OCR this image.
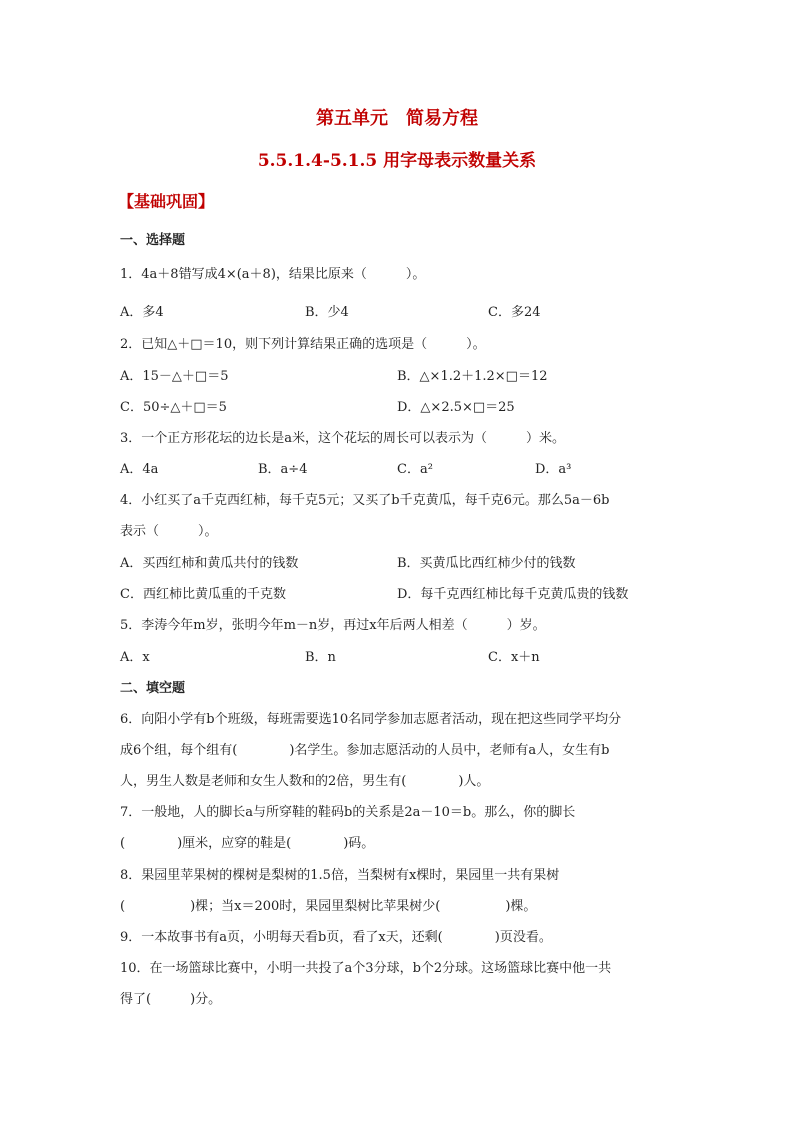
第五单元　简易方程
5.5.1.4-5.1.5 用字母表示数量关系
【基础巩固】
一、选择题
1．4a＋8错写成4×(a＋8)，结果比原来（　　　）。
A．多4	B．少4	C．多24
2．已知△＋□＝10，则下列计算结果正确的选项是（　　　）。
A．15－△＋□＝5	B．△×1.2＋1.2×□＝12
C．50÷△＋□＝5	D．△×2.5×□＝25
3．一个正方形花坛的边长是a米，这个花坛的周长可以表示为（　　　）米。
A．4a	B．a÷4	C．a²	D．a³
4．小红买了a千克西红柿，每千克5元；又买了b千克黄瓜，每千克6元。那么5a－6b
表示（　　　）。
A．买西红柿和黄瓜共付的钱数	B．买黄瓜比西红柿少付的钱数
C．西红柿比黄瓜重的千克数	D．每千克西红柿比每千克黄瓜贵的钱数
5．李涛今年m岁，张明今年m－n岁，再过x年后两人相差（　　　）岁。
A．x	B．n	C．x＋n
二、填空题
6．向阳小学有b个班级，每班需要选10名同学参加志愿者活动，现在把这些同学平均分
成6个组，每个组有(　　　　)名学生。参加志愿活动的人员中，老师有a人，女生有b
人，男生人数是老师和女生人数和的2倍，男生有(　　　　)人。
7．一般地，人的脚长a与所穿鞋的鞋码b的关系是2a－10＝b。那么，你的脚长
(　　　　)厘米，应穿的鞋是(　　　　)码。
8．果园里苹果树的棵树是梨树的1.5倍，当梨树有x棵时，果园里一共有果树
(　　　　　)棵；当x＝200时，果园里梨树比苹果树少(　　　　　)棵。
9．一本故事书有a页，小明每天看b页，看了x天，还剩(　　　　)页没看。
10．在一场篮球比赛中，小明一共投了a个3分球，b个2分球。这场篮球比赛中他一共
得了(　　　)分。
